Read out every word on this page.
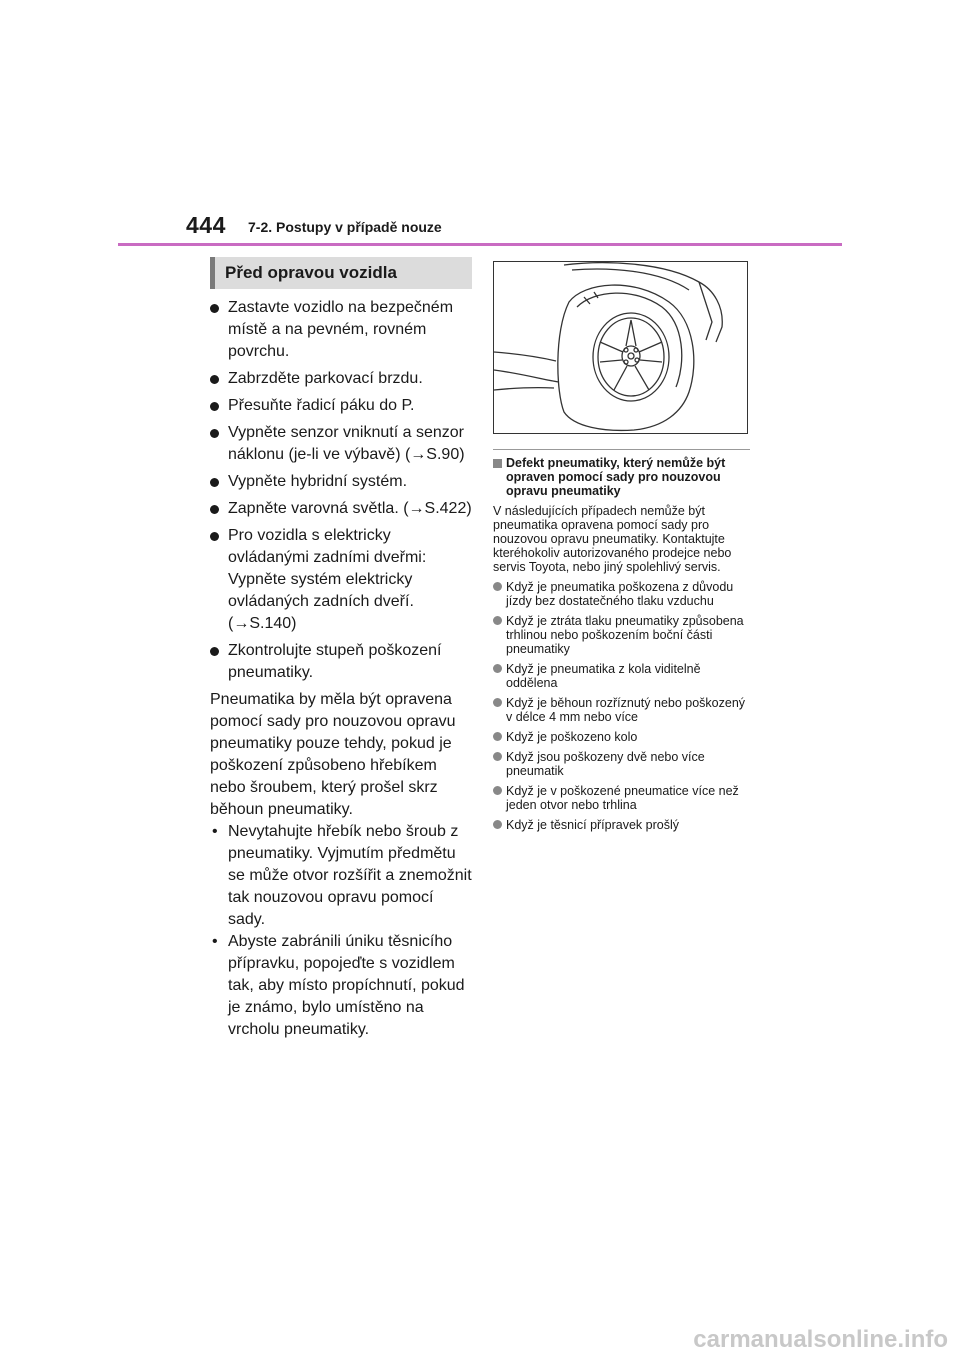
444 7-2. Postupy v případě nouze
Před opravou vozidla
Zastavte vozidlo na bezpečném místě a na pevném, rovném povrchu.
Zabrzděte parkovací brzdu.
Přesuňte řadicí páku do P.
Vypněte senzor vniknutí a senzor náklonu (je-li ve výbavě) (→S.90)
Vypněte hybridní systém.
Zapněte varovná světla. (→S.422)
Pro vozidla s elektricky ovládanými zadními dveřmi: Vypněte systém elektricky ovládaných zadních dveří. (→S.140)
Zkontrolujte stupeň poškození pneumatiky.

Pneumatika by měla být opravena pomocí sady pro nouzovou opravu pneumatiky pouze tehdy, pokud je poškození způsobeno hřebíkem nebo šroubem, který prošel skrz běhoun pneumatiky.

• Nevytahujte hřebík nebo šroub z pneumatiky. Vyjmutím předmětu se může otvor rozšířit a znemožnit tak nouzovou opravu pomocí sady.
• Abyste zabránili úniku těsnicího přípravku, popojeďte s vozidlem tak, aby místo propíchnutí, pokud je známo, bylo umístěno na vrcholu pneumatiky.
Defekt pneumatiky, který nemůže být opraven pomocí sady pro nouzovou opravu pneumatiky

V následujících případech nemůže být pneumatika opravena pomocí sady pro nouzovou opravu pneumatiky. Kontaktujte kteréhokoliv autorizovaného prodejce nebo servis Toyota, nebo jiný spolehlivý servis.

Když je pneumatika poškozena z důvodu jízdy bez dostatečného tlaku vzduchu
Když je ztráta tlaku pneumatiky způsobena trhlinou nebo poškozením boční části pneumatiky
Když je pneumatika z kola viditelně oddělena
Když je běhoun rozříznutý nebo poškozený v délce 4 mm nebo více
Když je poškozeno kolo
Když jsou poškozeny dvě nebo více pneumatik
Když je v poškozené pneumatice více než jeden otvor nebo trhlina
Když je těsnicí přípravek prošlý
carmanualsonline.info
